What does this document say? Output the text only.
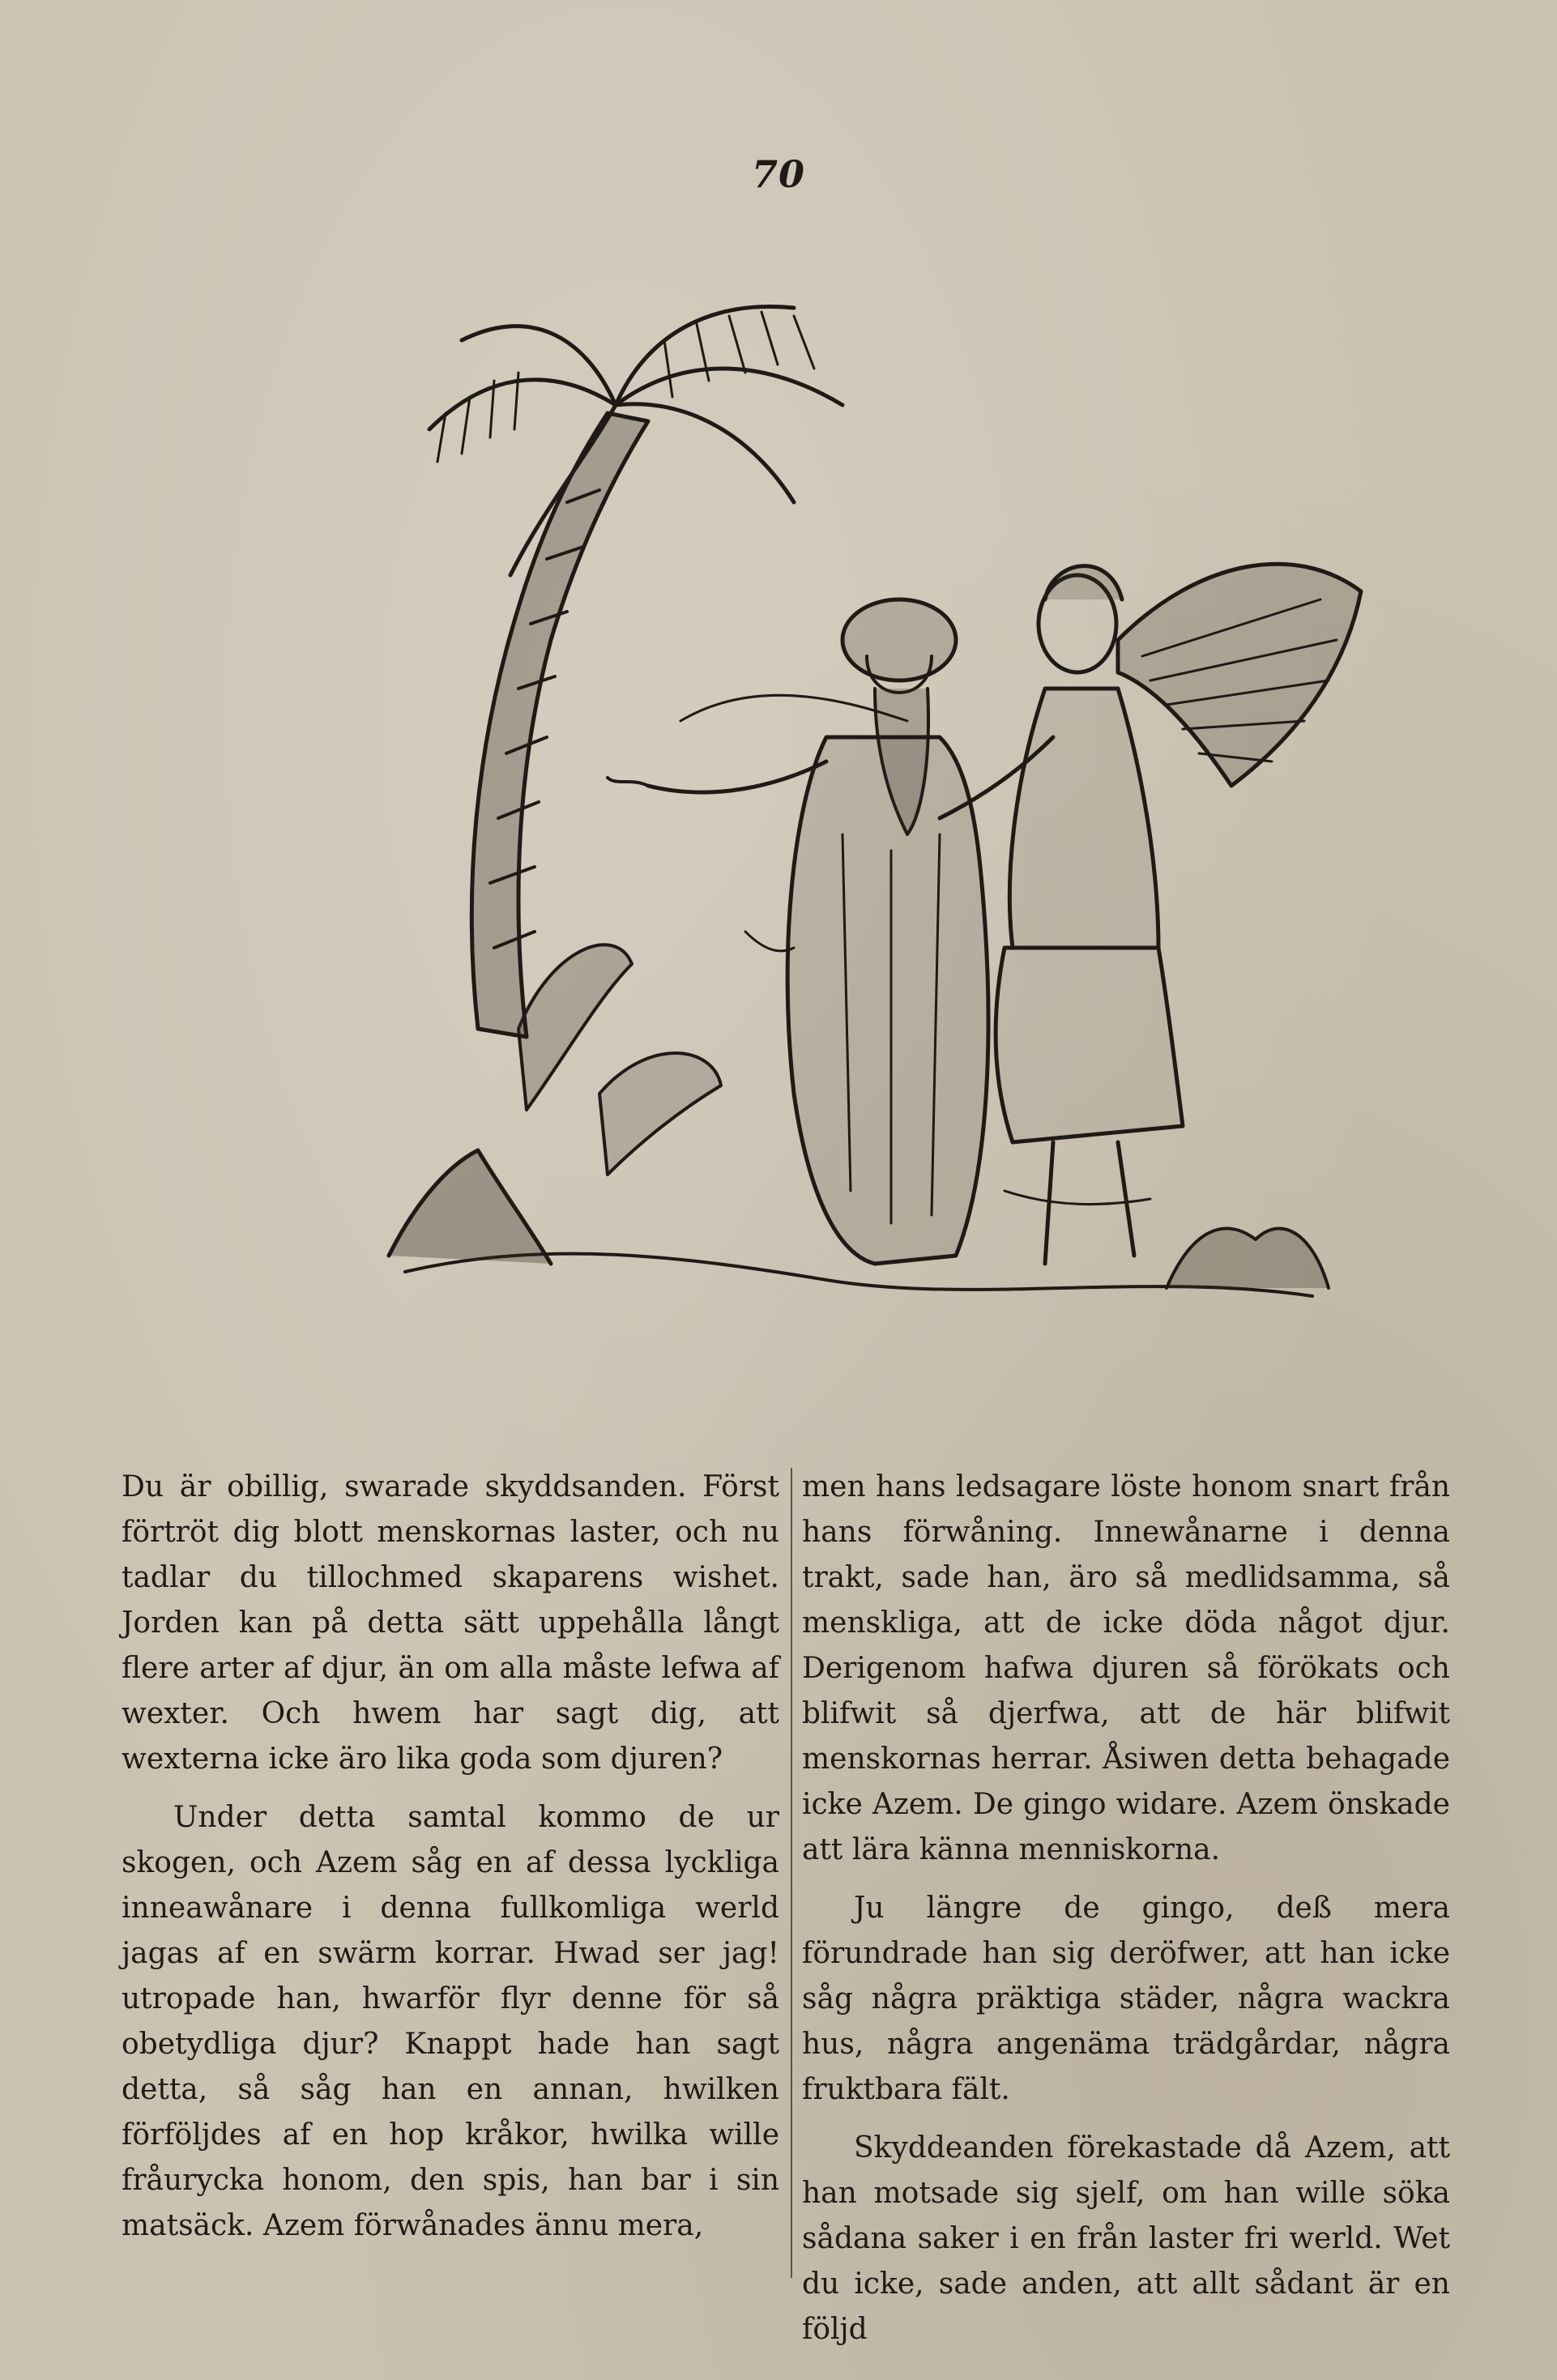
70

Du är obillig, swarade skyddsanden. Först förtröt dig blott menskornas laster, och nu tadlar du tillochmed skaparens wishet. Jorden kan på detta sätt uppehålla långt flere arter af djur, än om alla måste lefwa af wexter. Och hwem har sagt dig, att wexterna icke äro lika goda som djuren?

Under detta samtal kommo de ur skogen, och Azem såg en af dessa lyckliga inneawånare i denna fullkomliga werld jagas af en swärm korrar. Hwad ser jag! utropade han, hwarför flyr denne för så obetydliga djur? Knappt hade han sagt detta, så såg han en annan, hwilken förföljdes af en hop kråkor, hwilka wille fråurycka honom, den spis, han bar i sin matsäck. Azem förwånades ännu mera,

men hans ledsagare löste honom snart från hans förwåning. Innewånarne i denna trakt, sade han, äro så medlidsamma, så menskliga, att de icke döda något djur. Derigenom hafwa djuren så förökats och blifwit så djerfwa, att de här blifwit menskornas herrar. Åsiwen detta behagade icke Azem. De gingo widare. Azem önskade att lära känna menniskorna.

Ju längre de gingo, deß mera förundrade han sig deröfwer, att han icke såg några präktiga städer, några wackra hus, några angenäma trädgårdar, några fruktbara fält.

Skyddeanden förekastade då Azem, att han motsade sig sjelf, om han wille söka sådana saker i en från laster fri werld. Wet du icke, sade anden, att allt sådant är en följd
